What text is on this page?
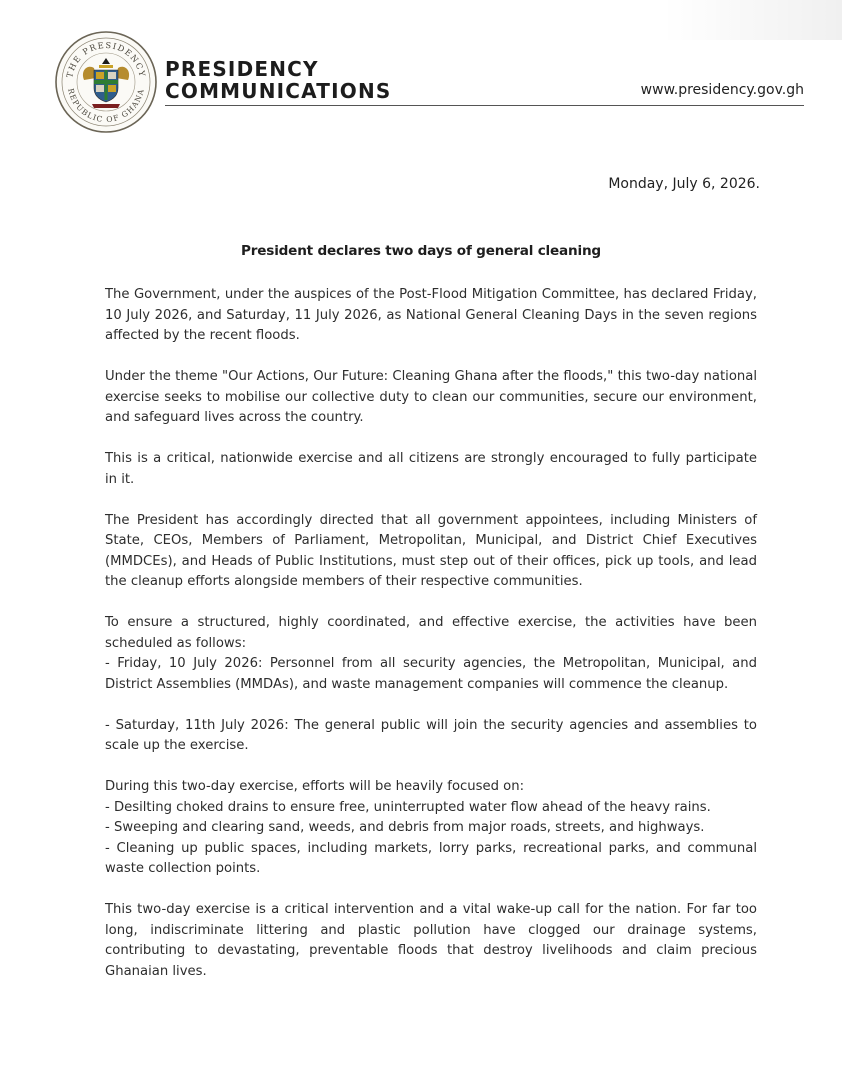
THE PRESIDENCY
REPUBLIC OF GHANA
PRESIDENCY
COMMUNICATIONS	www.presidency.gov.gh
Monday, July 6, 2026.
President declares two days of general cleaning

The Government, under the auspices of the Post-Flood Mitigation Committee, has declared Friday, 10 July 2026, and Saturday, 11 July 2026, as National General Cleaning Days in the seven regions affected by the recent floods.

Under the theme "Our Actions, Our Future: Cleaning Ghana after the floods," this two-day national exercise seeks to mobilise our collective duty to clean our communities, secure our environment, and safeguard lives across the country.

This is a critical, nationwide exercise and all citizens are strongly encouraged to fully participate in it.

The President has accordingly directed that all government appointees, including Ministers of State, CEOs, Members of Parliament, Metropolitan, Municipal, and District Chief Executives (MMDCEs), and Heads of Public Institutions, must step out of their offices, pick up tools, and lead the cleanup efforts alongside members of their respective communities.

To ensure a structured, highly coordinated, and effective exercise, the activities have been scheduled as follows:

- Friday, 10 July 2026: Personnel from all security agencies, the Metropolitan, Municipal, and District Assemblies (MMDAs), and waste management companies will commence the cleanup.

- Saturday, 11th July 2026: The general public will join the security agencies and assemblies to scale up the exercise.

During this two-day exercise, efforts will be heavily focused on:

- Desilting choked drains to ensure free, uninterrupted water flow ahead of the heavy rains.

- Sweeping and clearing sand, weeds, and debris from major roads, streets, and highways.

- Cleaning up public spaces, including markets, lorry parks, recreational parks, and communal waste collection points.

This two-day exercise is a critical intervention and a vital wake-up call for the nation. For far too long, indiscriminate littering and plastic pollution have clogged our drainage systems, contributing to devastating, preventable floods that destroy livelihoods and claim precious Ghanaian lives.
